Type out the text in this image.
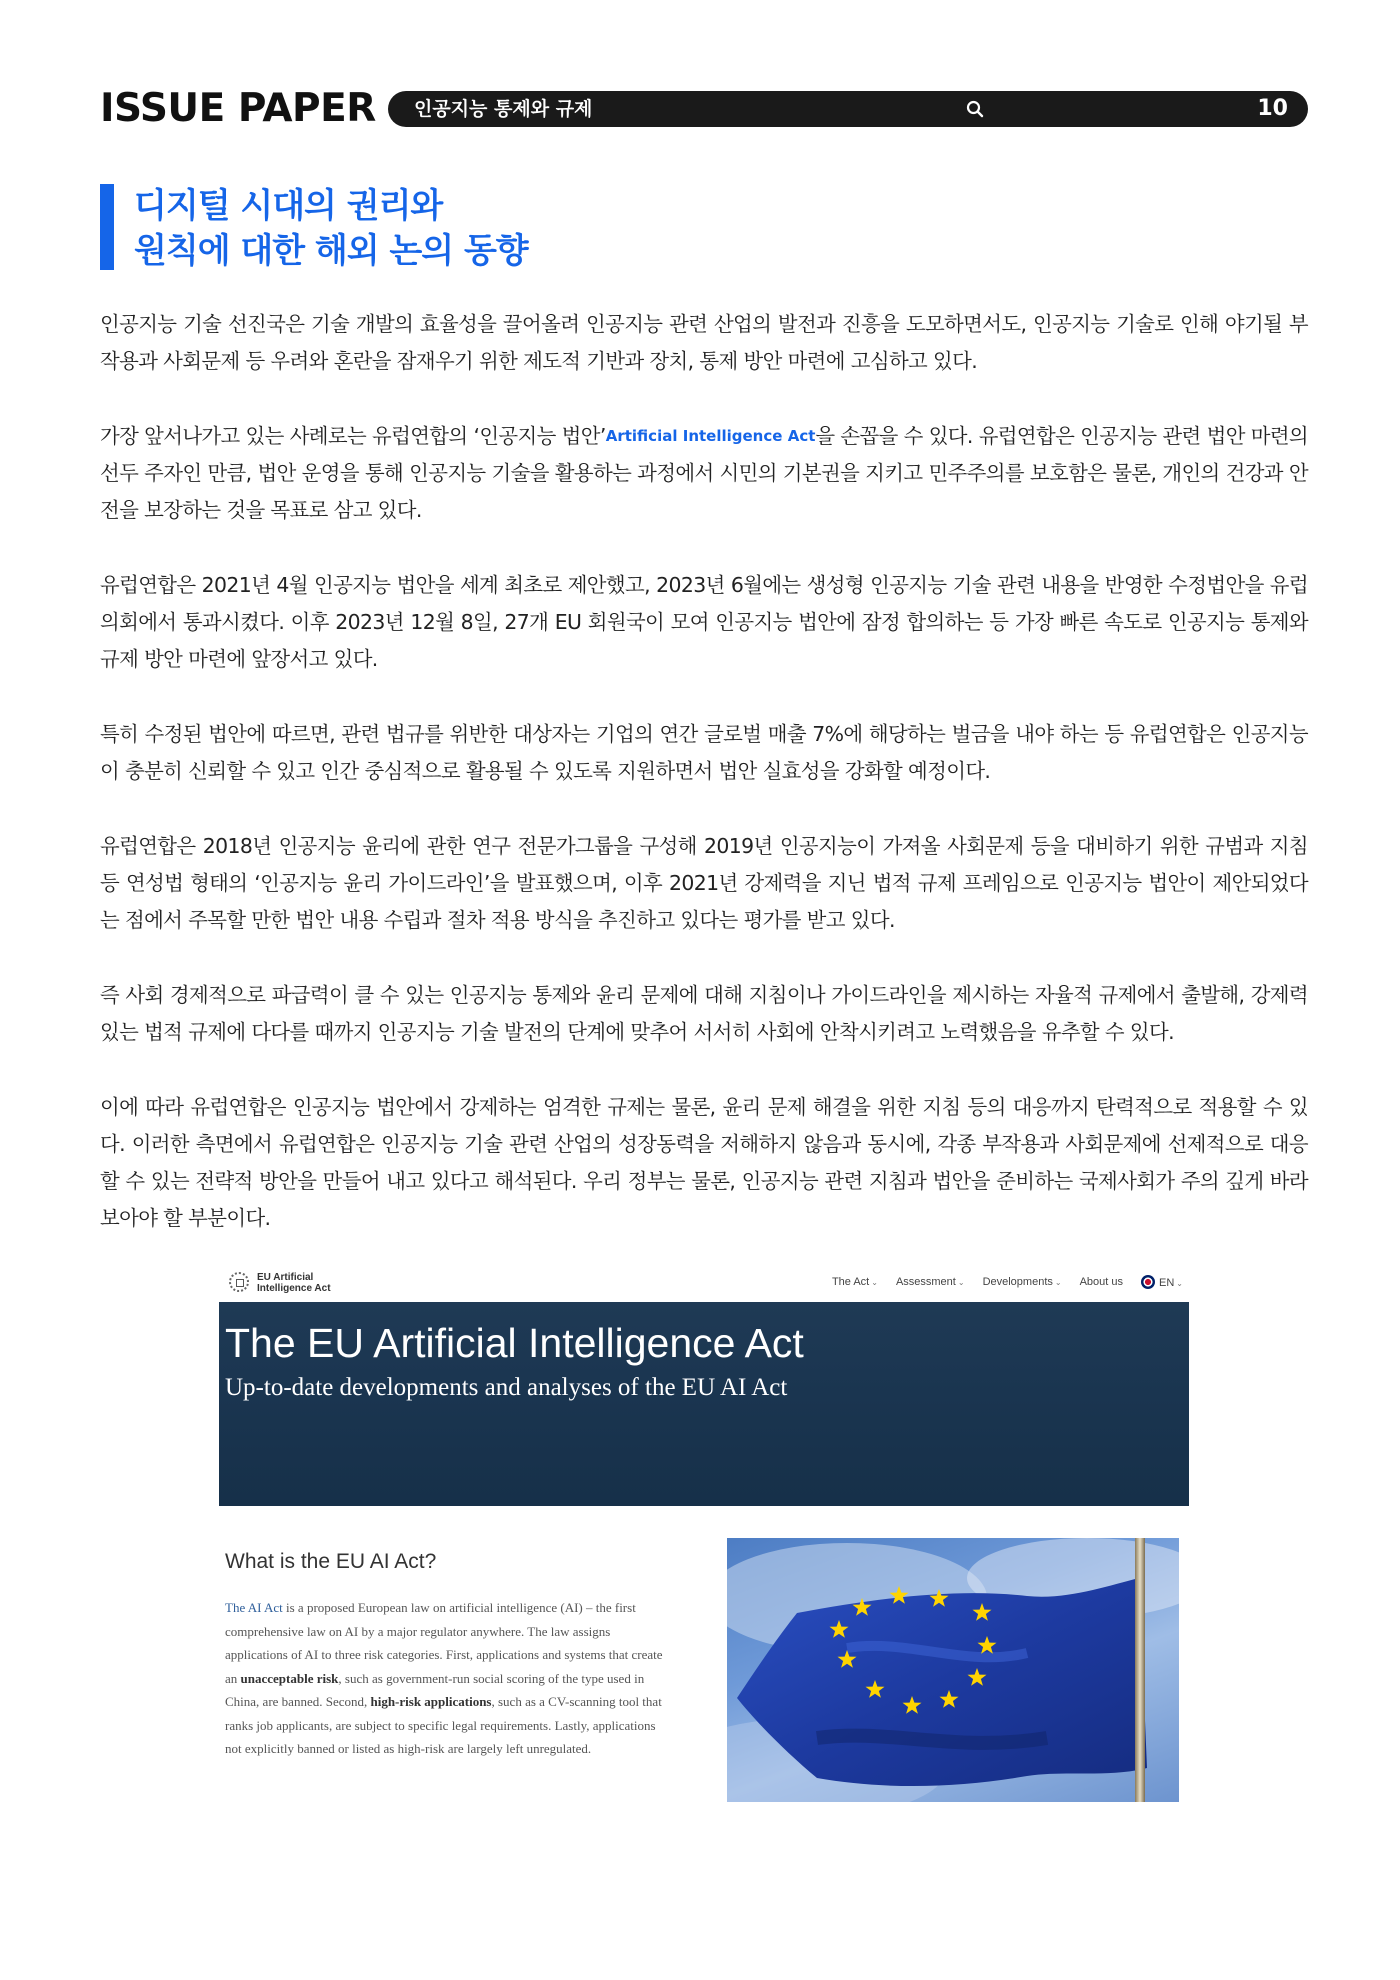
ISSUE PAPER 인공지능 통제와 규제	10
디지털 시대의 권리와
원칙에 대한 해외 논의 동향

인공지능 기술 선진국은 기술 개발의 효율성을 끌어올려 인공지능 관련 산업의 발전과 진흥을 도모하면서도, 인공지능 기술로 인해 야기될 부작용과 사회문제 등 우려와 혼란을 잠재우기 위한 제도적 기반과 장치, 통제 방안 마련에 고심하고 있다.

가장 앞서나가고 있는 사례로는 유럽연합의 ‘인공지능 법안’Artificial Intelligence Act을 손꼽을 수 있다. 유럽연합은 인공지능 관련 법안 마련의 선두 주자인 만큼, 법안 운영을 통해 인공지능 기술을 활용하는 과정에서 시민의 기본권을 지키고 민주주의를 보호함은 물론, 개인의 건강과 안전을 보장하는 것을 목표로 삼고 있다.

유럽연합은 2021년 4월 인공지능 법안을 세계 최초로 제안했고, 2023년 6월에는 생성형 인공지능 기술 관련 내용을 반영한 수정법안을 유럽의회에서 통과시켰다. 이후 2023년 12월 8일, 27개 EU 회원국이 모여 인공지능 법안에 잠정 합의하는 등 가장 빠른 속도로 인공지능 통제와 규제 방안 마련에 앞장서고 있다.

특히 수정된 법안에 따르면, 관련 법규를 위반한 대상자는 기업의 연간 글로벌 매출 7%에 해당하는 벌금을 내야 하는 등 유럽연합은 인공지능이 충분히 신뢰할 수 있고 인간 중심적으로 활용될 수 있도록 지원하면서 법안 실효성을 강화할 예정이다.

유럽연합은 2018년 인공지능 윤리에 관한 연구 전문가그룹을 구성해 2019년 인공지능이 가져올 사회문제 등을 대비하기 위한 규범과 지침 등 연성법 형태의 ‘인공지능 윤리 가이드라인’을 발표했으며, 이후 2021년 강제력을 지닌 법적 규제 프레임으로 인공지능 법안이 제안되었다는 점에서 주목할 만한 법안 내용 수립과 절차 적용 방식을 추진하고 있다는 평가를 받고 있다.

즉 사회 경제적으로 파급력이 클 수 있는 인공지능 통제와 윤리 문제에 대해 지침이나 가이드라인을 제시하는 자율적 규제에서 출발해, 강제력 있는 법적 규제에 다다를 때까지 인공지능 기술 발전의 단계에 맞추어 서서히 사회에 안착시키려고 노력했음을 유추할 수 있다.

이에 따라 유럽연합은 인공지능 법안에서 강제하는 엄격한 규제는 물론, 윤리 문제 해결을 위한 지침 등의 대응까지 탄력적으로 적용할 수 있다. 이러한 측면에서 유럽연합은 인공지능 기술 관련 산업의 성장동력을 저해하지 않음과 동시에, 각종 부작용과 사회문제에 선제적으로 대응할 수 있는 전략적 방안을 만들어 내고 있다고 해석된다. 우리 정부는 물론, 인공지능 관련 지침과 법안을 준비하는 국제사회가 주의 깊게 바라보아야 할 부분이다.

EU Artificial
Intelligence Act
The Act ⌄ Assessment ⌄ Developments ⌄ About us	EN ⌄
The EU Artificial Intelligence Act
Up-to-date developments and analyses of the EU AI Act
What is the EU AI Act?
The AI Act is a proposed European law on artificial intelligence (AI) – the first comprehensive law on AI by a major regulator anywhere. The law assigns applications of AI to three risk categories. First, applications and systems that create an unacceptable risk, such as government-run social scoring of the type used in China, are banned. Second, high-risk applications, such as a CV-scanning tool that ranks job applicants, are subject to specific legal requirements. Lastly, applications not explicitly banned or listed as high-risk are largely left unregulated.
